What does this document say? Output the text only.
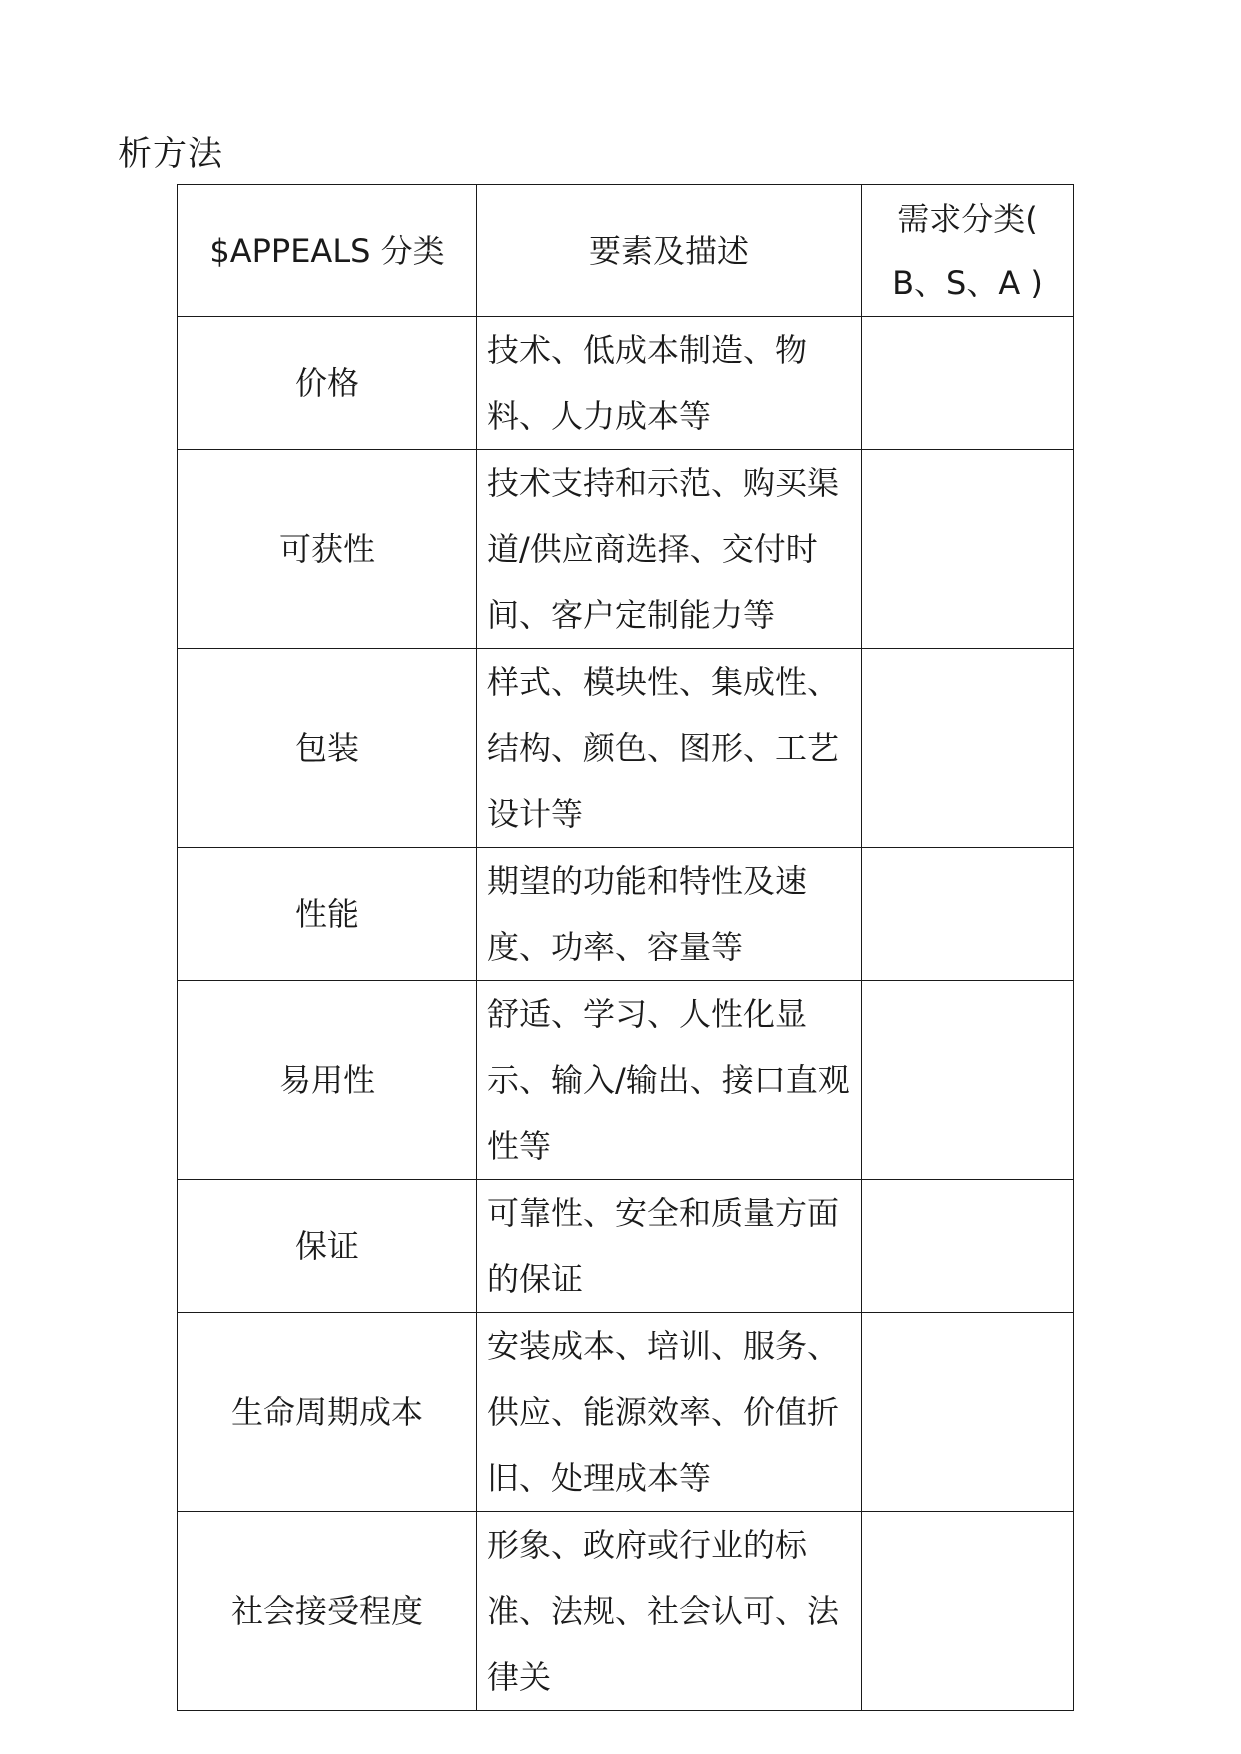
析方法
$APPEALS 分类	要素及描述	需求分类( B、S、A )
价格	技术、低成本制造、物料、人力成本等	
可获性	技术支持和示范、购买渠道/供应商选择、交付时间、客户定制能力等	
包装	样式、模块性、集成性、结构、颜色、图形、工艺设计等	
性能	期望的功能和特性及速度、功率、容量等	
易用性	舒适、学习、人性化显示、输入/输出、接口直观性等	
保证	可靠性、安全和质量方面的保证	
生命周期成本	安装成本、培训、服务、供应、能源效率、价值折旧、处理成本等	
社会接受程度	形象、政府或行业的标准、法规、社会认可、法律关	
